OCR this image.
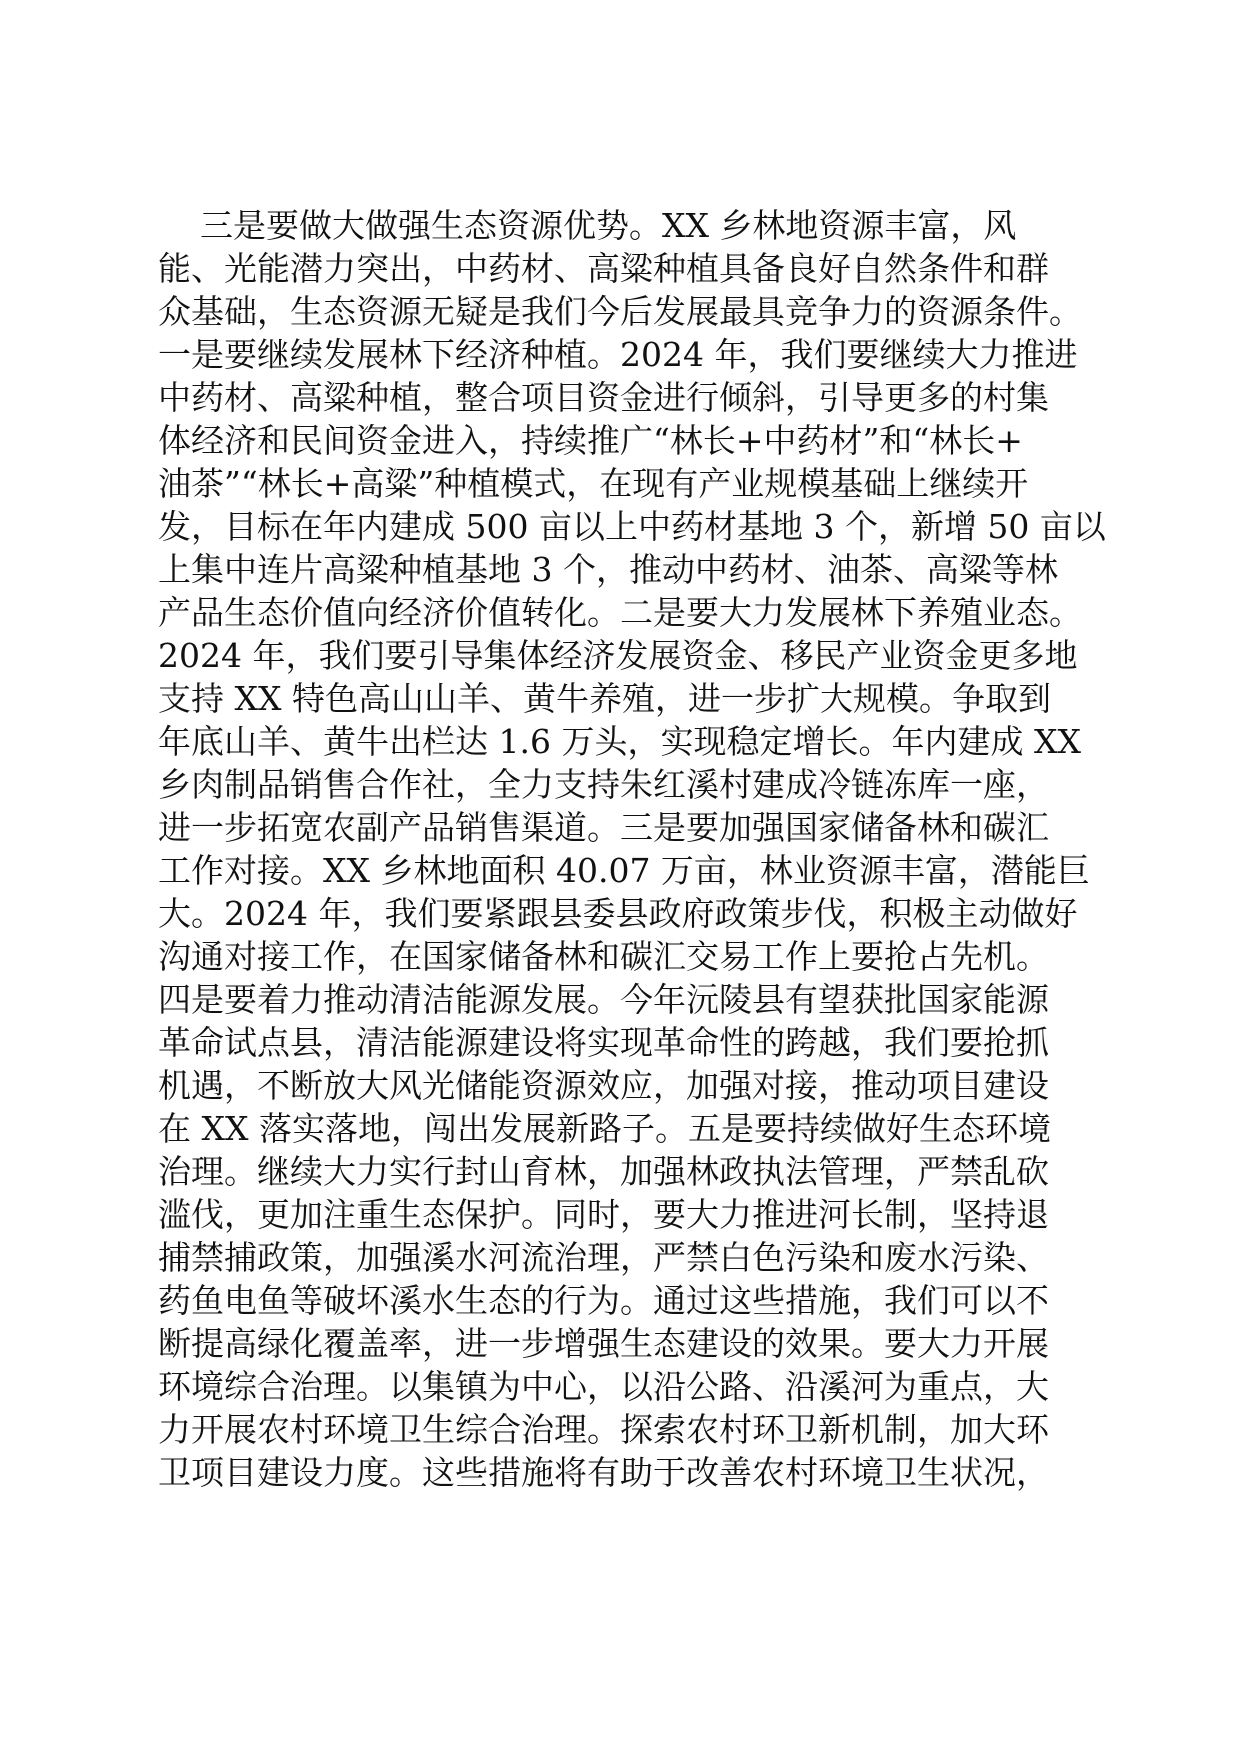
三是要做大做强生态资源优势。XX 乡林地资源丰富，风
能、光能潜力突出，中药材、高粱种植具备良好自然条件和群
众基础，生态资源无疑是我们今后发展最具竞争力的资源条件。
一是要继续发展林下经济种植。2024 年，我们要继续大力推进
中药材、高粱种植，整合项目资金进行倾斜，引导更多的村集
体经济和民间资金进入，持续推广“林长+中药材”和“林长+
油茶”“林长+高粱”种植模式，在现有产业规模基础上继续开
发，目标在年内建成 500 亩以上中药材基地 3 个，新增 50 亩以
上集中连片高粱种植基地 3 个，推动中药材、油茶、高粱等林
产品生态价值向经济价值转化。二是要大力发展林下养殖业态。
2024 年，我们要引导集体经济发展资金、移民产业资金更多地
支持 XX 特色高山山羊、黄牛养殖，进一步扩大规模。争取到
年底山羊、黄牛出栏达 1.6 万头，实现稳定增长。年内建成 XX
乡肉制品销售合作社，全力支持朱红溪村建成冷链冻库一座，
进一步拓宽农副产品销售渠道。三是要加强国家储备林和碳汇
工作对接。XX 乡林地面积 40.07 万亩，林业资源丰富，潜能巨
大。2024 年，我们要紧跟县委县政府政策步伐，积极主动做好
沟通对接工作，在国家储备林和碳汇交易工作上要抢占先机。
四是要着力推动清洁能源发展。今年沅陵县有望获批国家能源
革命试点县，清洁能源建设将实现革命性的跨越，我们要抢抓
机遇，不断放大风光储能资源效应，加强对接，推动项目建设
在 XX 落实落地，闯出发展新路子。五是要持续做好生态环境
治理。继续大力实行封山育林，加强林政执法管理，严禁乱砍
滥伐，更加注重生态保护。同时，要大力推进河长制，坚持退
捕禁捕政策，加强溪水河流治理，严禁白色污染和废水污染、
药鱼电鱼等破坏溪水生态的行为。通过这些措施，我们可以不
断提高绿化覆盖率，进一步增强生态建设的效果。要大力开展
环境综合治理。以集镇为中心，以沿公路、沿溪河为重点，大
力开展农村环境卫生综合治理。探索农村环卫新机制，加大环
卫项目建设力度。这些措施将有助于改善农村环境卫生状况，
